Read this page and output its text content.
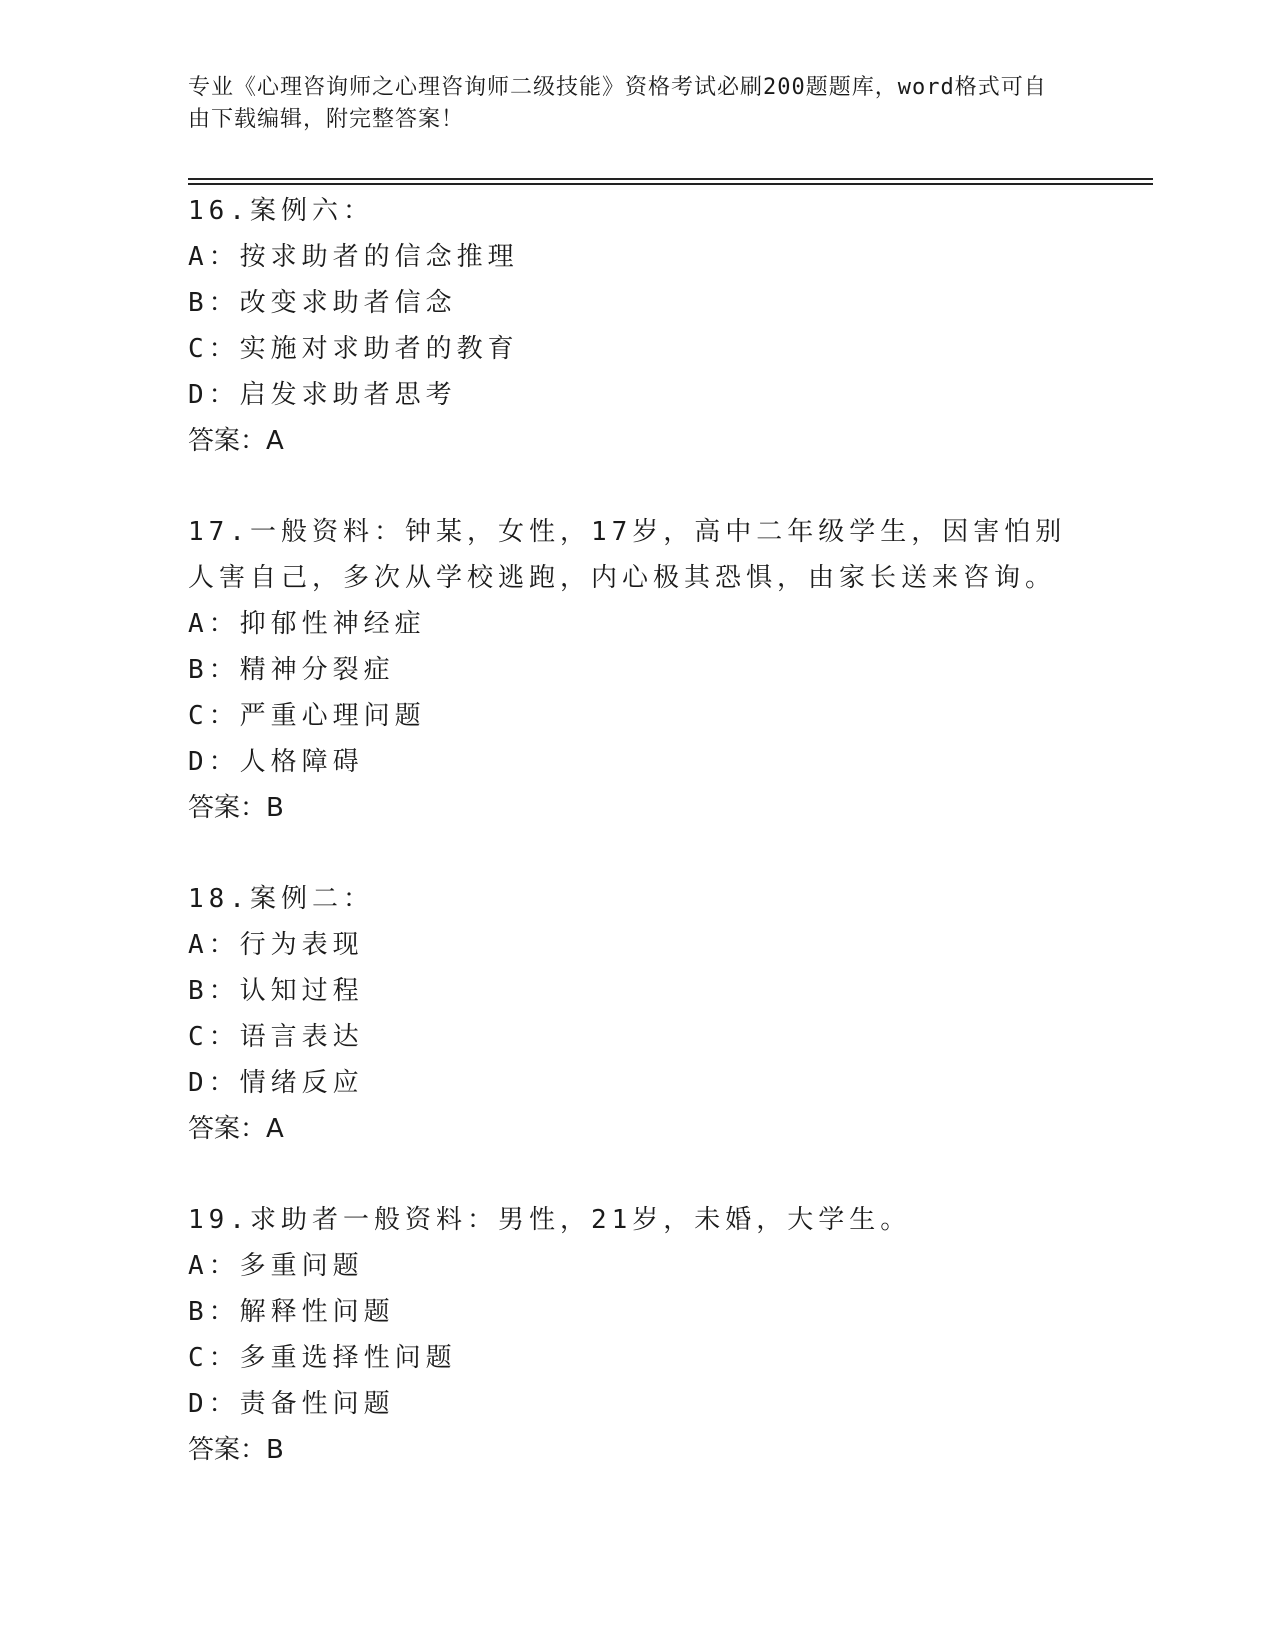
专业《心理咨询师之心理咨询师二级技能》资格考试必刷200题题库，word格式可自由下载编辑，附完整答案！
16.案例六：
A：按求助者的信念推理
B：改变求助者信念
C：实施对求助者的教育
D：启发求助者思考
答案：A
17.一般资料：钟某，女性，17岁，高中二年级学生，因害怕别人害自己，多次从学校逃跑，内心极其恐惧，由家长送来咨询。
A：抑郁性神经症
B：精神分裂症
C：严重心理问题
D：人格障碍
答案：B
18.案例二：
A：行为表现
B：认知过程
C：语言表达
D：情绪反应
答案：A
19.求助者一般资料：男性，21岁，未婚，大学生。
A：多重问题
B：解释性问题
C：多重选择性问题
D：责备性问题
答案：B
